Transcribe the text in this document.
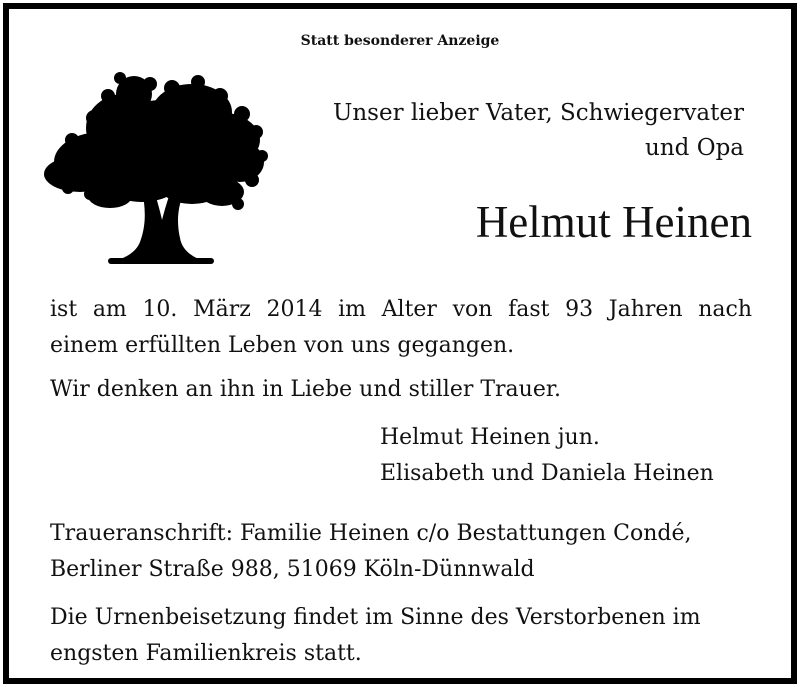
Statt besonderer Anzeige
Unser lieber Vater, Schwiegervater
und Opa
Helmut Heinen
ist am 10. März 2014 im Alter von fast 93 Jahren nach
einem erfüllten Leben von uns gegangen.
Wir denken an ihn in Liebe und stiller Trauer.
Helmut Heinen jun.
Elisabeth und Daniela Heinen
Traueranschrift: Familie Heinen c/o Bestattungen Condé,
Berliner Straße 988, 51069 Köln-Dünnwald
Die Urnenbeisetzung findet im Sinne des Verstorbenen im
engsten Familienkreis statt.
